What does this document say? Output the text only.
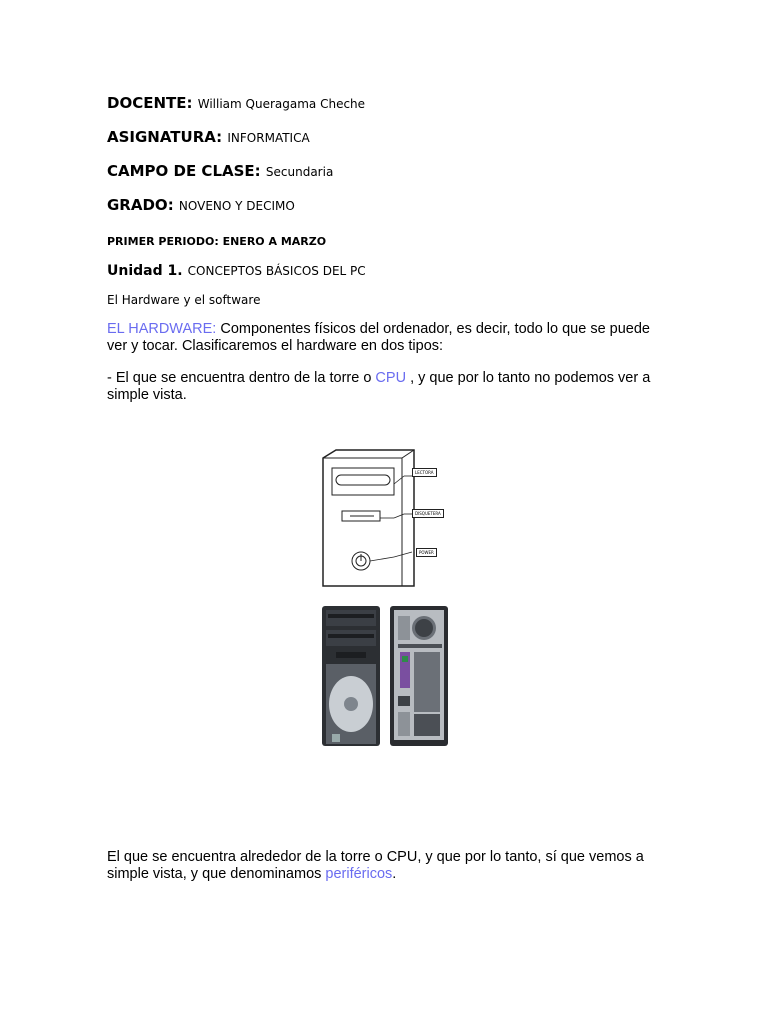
DOCENTE: William Queragama Cheche
ASIGNATURA: INFORMATICA
CAMPO DE CLASE: Secundaria
GRADO: NOVENO Y DECIMO
PRIMER PERIODO: ENERO A MARZO
Unidad 1. CONCEPTOS BÁSICOS DEL PC
El Hardware y el software
EL HARDWARE: Componentes físicos del ordenador, es decir, todo lo que se puede ver y tocar. Clasificaremos el hardware en dos tipos:
- El que se encuentra dentro de la torre o CPU , y que por lo tanto no podemos ver a simple vista.
LECTORA
DISQUETERA
POWER
El que se encuentra alrededor de la torre o CPU, y que por lo tanto, sí que vemos a simple vista, y que denominamos periféricos.
